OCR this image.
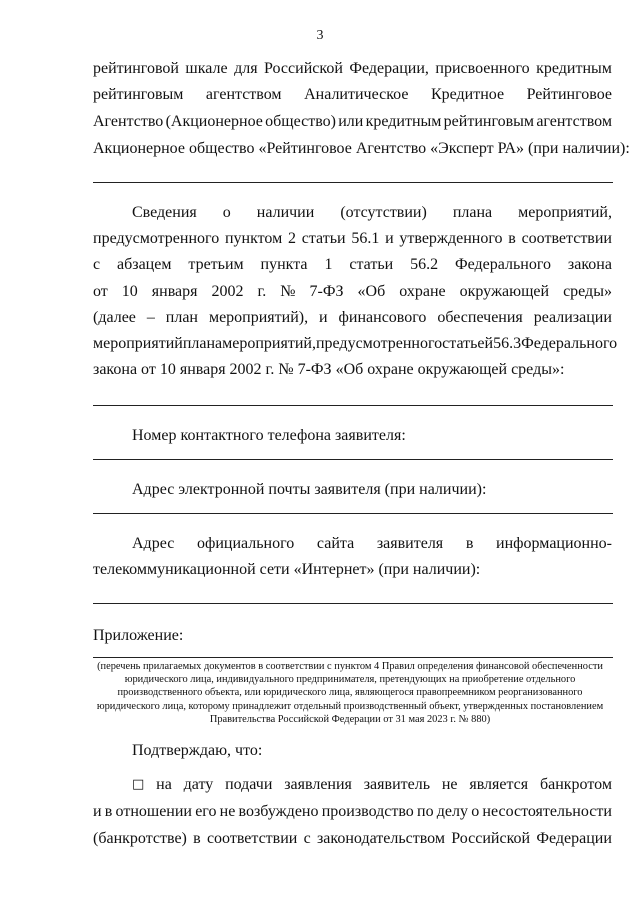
3
рейтинговой шкале для Российской Федерации, присвоенного кредитным
рейтинговым агентством Аналитическое Кредитное Рейтинговое
Агентство (Акционерное общество) или кредитным рейтинговым агентством
Акционерное общество «Рейтинговое Агентство «Эксперт РА» (при наличии):
Сведения о наличии (отсутствии) плана мероприятий,
предусмотренного пунктом 2 статьи 56.1 и утвержденного в соответствии
с абзацем третьим пункта 1 статьи 56.2 Федерального закона
от 10 января 2002 г. № 7-ФЗ «Об охране окружающей среды»
(далее – план мероприятий), и финансового обеспечения реализации
мероприятий плана мероприятий, предусмотренного статьей 56.3 Федерального
закона от 10 января 2002 г. № 7-ФЗ «Об охране окружающей среды»:
Номер контактного телефона заявителя:
Адрес электронной почты заявителя (при наличии):
Адрес официального сайта заявителя в информационно-
телекоммуникационной сети «Интернет» (при наличии):
Приложение:
(перечень прилагаемых документов в соответствии с пунктом 4 Правил определения финансовой обеспеченности
юридического лица, индивидуального предпринимателя, претендующих на приобретение отдельного
производственного объекта, или юридического лица, являющегося правопреемником реорганизованного
юридического лица, которому принадлежит отдельный производственный объект, утвержденных постановлением
Правительства Российской Федерации от 31 мая 2023 г. № 880)
Подтверждаю, что:
□ на дату подачи заявления заявитель не является банкротом
и в отношении его не возбуждено производство по делу о несостоятельности
(банкротстве) в соответствии с законодательством Российской Федерации
